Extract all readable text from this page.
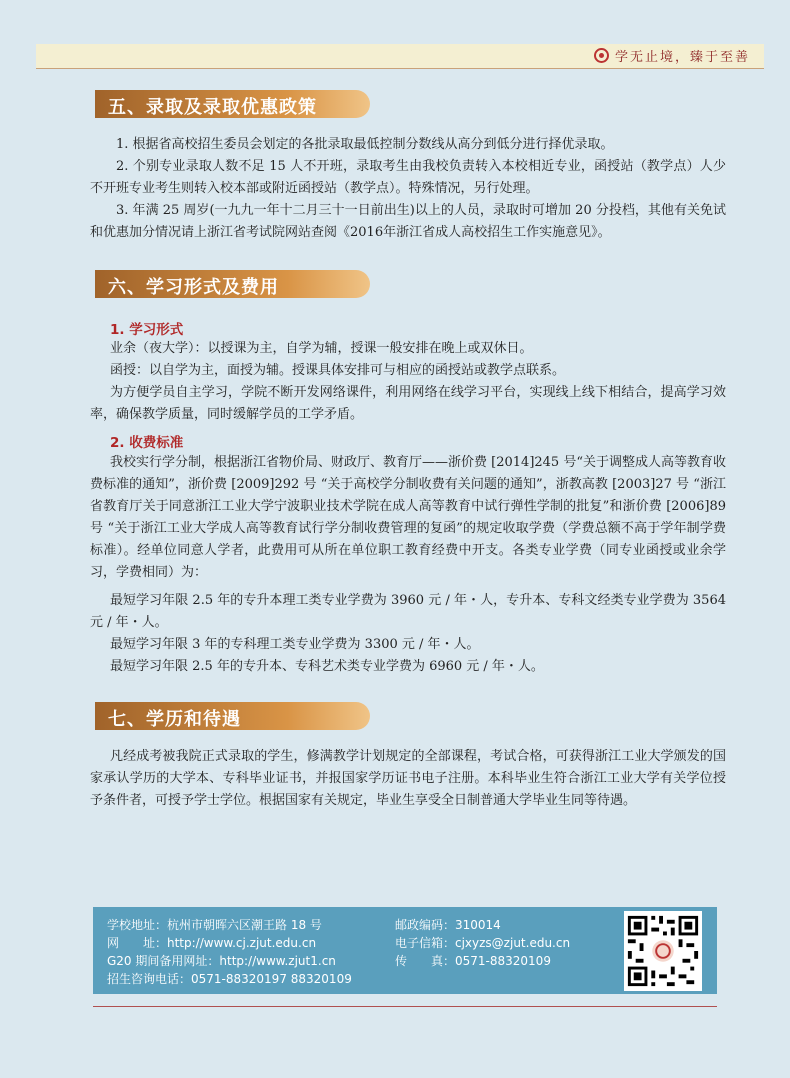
学无止境，臻于至善
五、录取及录取优惠政策
1. 根据省高校招生委员会划定的各批录取最低控制分数线从高分到低分进行择优录取。
2. 个别专业录取人数不足 15 人不开班，录取考生由我校负责转入本校相近专业，函授站（教学点）人少不开班专业考生则转入校本部或附近函授站（教学点）。特殊情况，另行处理。
3. 年满 25 周岁(一九九一年十二月三十一日前出生)以上的人员，录取时可增加 20 分投档，其他有关免试和优惠加分情况请上浙江省考试院网站查阅《2016年浙江省成人高校招生工作实施意见》。
六、学习形式及费用
1. 学习形式
业余（夜大学）：以授课为主，自学为辅，授课一般安排在晚上或双休日。
函授：以自学为主，面授为辅。授课具体安排可与相应的函授站或教学点联系。
为方便学员自主学习，学院不断开发网络课件，利用网络在线学习平台，实现线上线下相结合，提高学习效率，确保教学质量，同时缓解学员的工学矛盾。
2. 收费标准
我校实行学分制，根据浙江省物价局、财政厅、教育厅——浙价费 [2014]245 号“关于调整成人高等教育收费标准的通知”，浙价费 [2009]292 号 “关于高校学分制收费有关问题的通知”，浙教高教 [2003]27 号 “浙江省教育厅关于同意浙江工业大学宁波职业技术学院在成人高等教育中试行弹性学制的批复”和浙价费 [2006]89 号 “关于浙江工业大学成人高等教育试行学分制收费管理的复函”的规定收取学费（学费总额不高于学年制学费标准）。经单位同意人学者，此费用可从所在单位职工教育经费中开支。各类专业学费（同专业函授或业余学习，学费相同）为：
最短学习年限 2.5 年的专升本理工类专业学费为 3960 元 / 年・人，专升本、专科文经类专业学费为 3564 元 / 年・人。
最短学习年限 3 年的专科理工类专业学费为 3300 元 / 年・人。
最短学习年限 2.5 年的专升本、专科艺术类专业学费为 6960 元 / 年・人。
七、学历和待遇
凡经成考被我院正式录取的学生，修满教学计划规定的全部课程，考试合格，可获得浙江工业大学颁发的国家承认学历的大学本、专科毕业证书，并报国家学历证书电子注册。本科毕业生符合浙江工业大学有关学位授予条件者，可授予学士学位。根据国家有关规定，毕业生享受全日制普通大学毕业生同等待遇。
学校地址：杭州市朝晖六区潮王路 18 号
网　　址：http://www.cj.zjut.edu.cn
G20 期间备用网址：http://www.zjut1.cn
招生咨询电话：0571-88320197 88320109
邮政编码：310014
电子信箱：cjxyzs@zjut.edu.cn
传　　真：0571-88320109
